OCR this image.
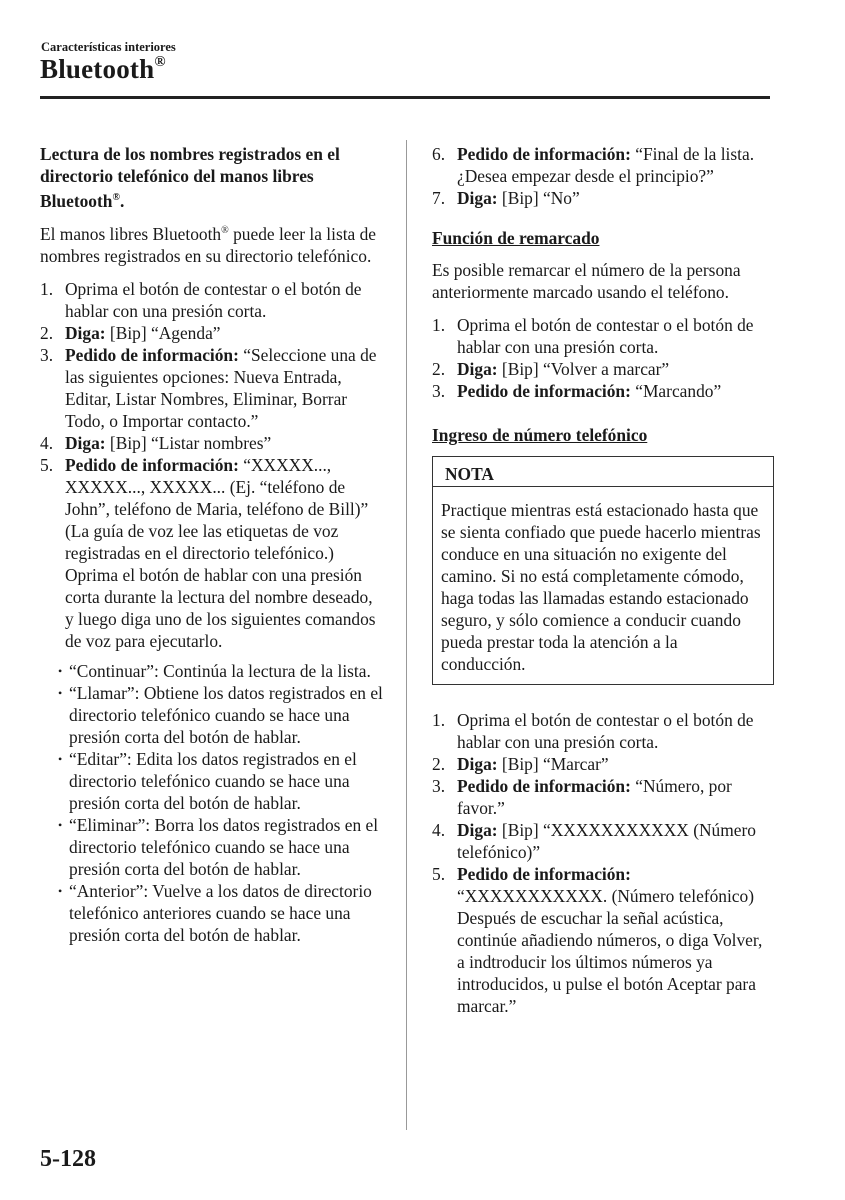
Características interiores
Bluetooth®

Lectura de los nombres registrados en el directorio telefónico del manos libres Bluetooth®.

El manos libres Bluetooth® puede leer la lista de nombres registrados en su directorio telefónico.

1. Oprima el botón de contestar o el botón de hablar con una presión corta.
2. Diga: [Bip] “Agenda”
3. Pedido de información: “Seleccione una de las siguientes opciones: Nueva Entrada, Editar, Listar Nombres, Eliminar, Borrar Todo, o Importar contacto.”
4. Diga: [Bip] “Listar nombres”
5. Pedido de información: “XXXXX..., XXXXX..., XXXXX... (Ej. “teléfono de John”, teléfono de Maria, teléfono de Bill)” (La guía de voz lee las etiquetas de voz registradas en el directorio telefónico.)
Oprima el botón de hablar con una presión corta durante la lectura del nombre deseado, y luego diga uno de los siguientes comandos de voz para ejecutarlo.
• “Continuar”: Continúa la lectura de la lista.
• “Llamar”: Obtiene los datos registrados en el directorio telefónico cuando se hace una presión corta del botón de hablar.
• “Editar”: Edita los datos registrados en el directorio telefónico cuando se hace una presión corta del botón de hablar.
• “Eliminar”: Borra los datos registrados en el directorio telefónico cuando se hace una presión corta del botón de hablar.
• “Anterior”: Vuelve a los datos de directorio telefónico anteriores cuando se hace una presión corta del botón de hablar.
6. Pedido de información: “Final de la lista. ¿Desea empezar desde el principio?”
7. Diga: [Bip] “No”

Función de remarcado

Es posible remarcar el número de la persona anteriormente marcado usando el teléfono.

1. Oprima el botón de contestar o el botón de hablar con una presión corta.
2. Diga: [Bip] “Volver a marcar”
3. Pedido de información: “Marcando”

Ingreso de número telefónico

NOTA
Practique mientras está estacionado hasta que se sienta confiado que puede hacerlo mientras conduce en una situación no exigente del camino. Si no está completamente cómodo, haga todas las llamadas estando estacionado seguro, y sólo comience a conducir cuando pueda prestar toda la atención a la conducción.
1. Oprima el botón de contestar o el botón de hablar con una presión corta.
2. Diga: [Bip] “Marcar”
3. Pedido de información: “Número, por favor.”
4. Diga: [Bip] “XXXXXXXXXXX (Número telefónico)”
5. Pedido de información: “XXXXXXXXXXX. (Número telefónico) Después de escuchar la señal acústica, continúe añadiendo números, o diga Volver, a indtroducir los últimos números ya introducidos, u pulse el botón Aceptar para marcar.”
5-128
